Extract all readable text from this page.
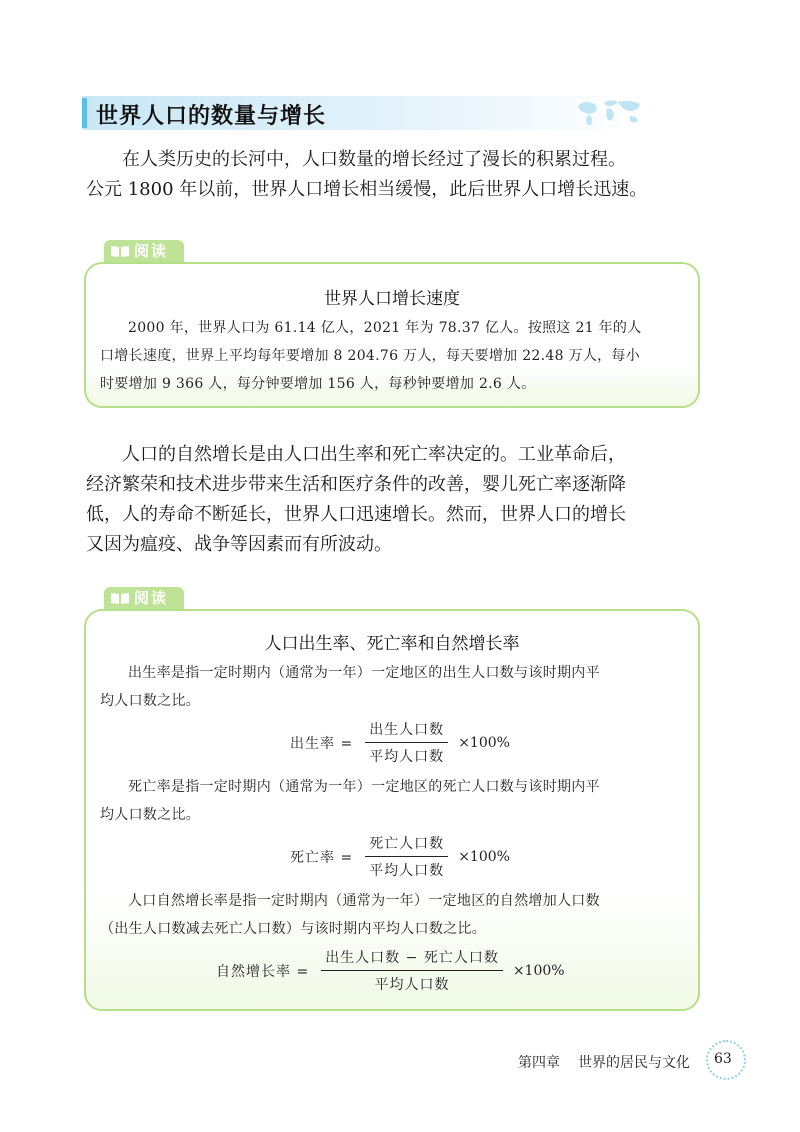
世界人口的数量与增长

在人类历史的长河中，人口数量的增长经过了漫长的积累过程。

公元 1800 年以前，世界人口增长相当缓慢，此后世界人口增长迅速。

阅读
世界人口增长速度

2000 年，世界人口为 61.14 亿人，2021 年为 78.37 亿人。按照这 21 年的人

口增长速度，世界上平均每年要增加 8 204.76 万人，每天要增加 22.48 万人，每小

时要增加 9 366 人，每分钟要增加 156 人，每秒钟要增加 2.6 人。

人口的自然增长是由人口出生率和死亡率决定的。工业革命后，

经济繁荣和技术进步带来生活和医疗条件的改善，婴儿死亡率逐渐降

低，人的寿命不断延长，世界人口迅速增长。然而，世界人口的增长

又因为瘟疫、战争等因素而有所波动。

阅读
人口出生率、死亡率和自然增长率

出生率是指一定时期内（通常为一年）一定地区的出生人口数与该时期内平

均人口数之比。

出生率 = $\frac{\text{出生人口数}}{\text{平均人口数}} \times 100\%$

死亡率是指一定时期内（通常为一年）一定地区的死亡人口数与该时期内平

均人口数之比。

死亡率 = $\frac{\text{死亡人口数}}{\text{平均人口数}} \times 100\%$

人口自然增长率是指一定时期内（通常为一年）一定地区的自然增加人口数

（出生人口数减去死亡人口数）与该时期内平均人口数之比。

自然增长率 = $\frac{\text{出生人口数 − 死亡人口数}}{\text{平均人口数}} \times 100\%$
第四章 世界的居民与文化 63
